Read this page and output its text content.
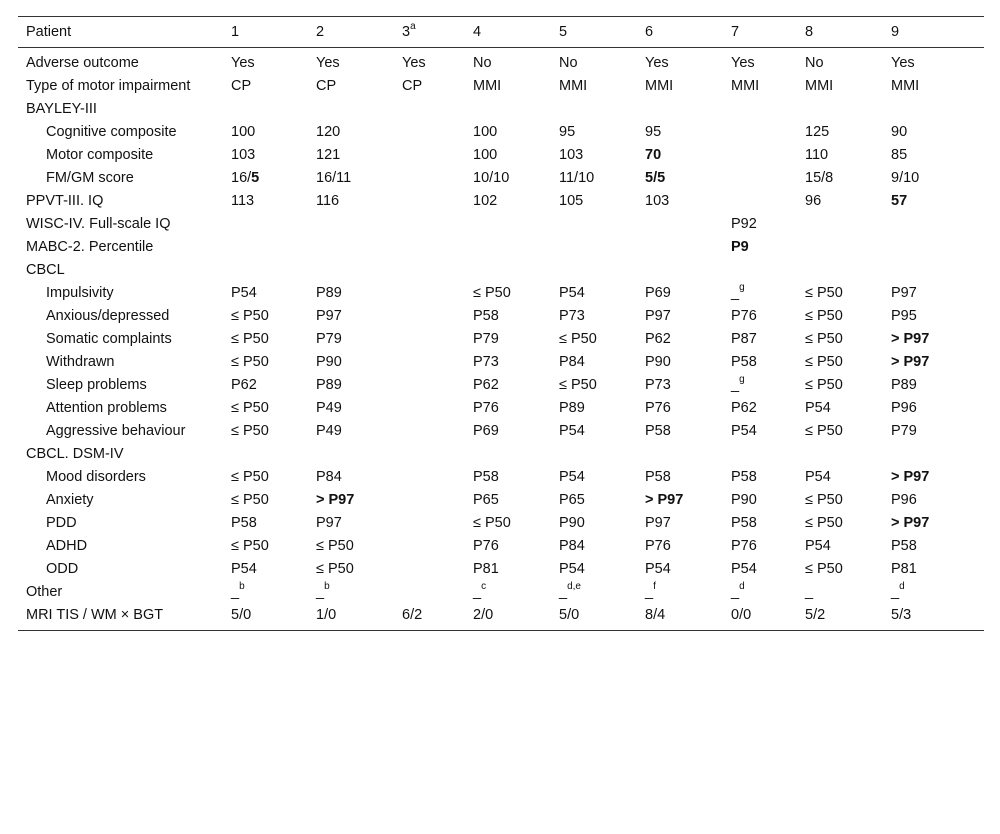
Patient	1	2	3$^a$	4	5	6	7	8	9
Adverse outcome	Yes	Yes	Yes	No	No	Yes	Yes	No	Yes
Type of motor impairment	CP	CP	CP	MMI	MMI	MMI	MMI	MMI	MMI
BAYLEY-III									
Cognitive composite	100	120		100	95	95		125	90
Motor composite	103	121		100	103	70		110	85
FM/GM score	16/5	16/11		10/10	11/10	5/5		15/8	9/10
PPVT-III. IQ	113	116		102	105	103		96	57
WISC-IV. Full-scale IQ							P92		
MABC-2. Percentile							P9		
CBCL									
Impulsivity	P54	P89		≤ P50	P54	P69	_$^g$	≤ P50	P97
Anxious/depressed	≤ P50	P97		P58	P73	P97	P76	≤ P50	P95
Somatic complaints	≤ P50	P79		P79	≤ P50	P62	P87	≤ P50	> P97
Withdrawn	≤ P50	P90		P73	P84	P90	P58	≤ P50	> P97
Sleep problems	P62	P89		P62	≤ P50	P73	_$^g$	≤ P50	P89
Attention problems	≤ P50	P49		P76	P89	P76	P62	P54	P96
Aggressive behaviour	≤ P50	P49		P69	P54	P58	P54	≤ P50	P79
CBCL. DSM-IV									
Mood disorders	≤ P50	P84		P58	P54	P58	P58	P54	> P97
Anxiety	≤ P50	> P97		P65	P65	> P97	P90	≤ P50	P96
PDD	P58	P97		≤ P50	P90	P97	P58	≤ P50	> P97
ADHD	≤ P50	≤ P50		P76	P84	P76	P76	P54	P58
ODD	P54	≤ P50		P81	P54	P54	P54	≤ P50	P81
Other	_$^b$	_$^b$		_$^c$	_$^{d,e}$	_$^f$	_$^d$	_	_$^d$
MRI TIS / WM × BGT	5/0	1/0	6/2	2/0	5/0	8/4	0/0	5/2	5/3
